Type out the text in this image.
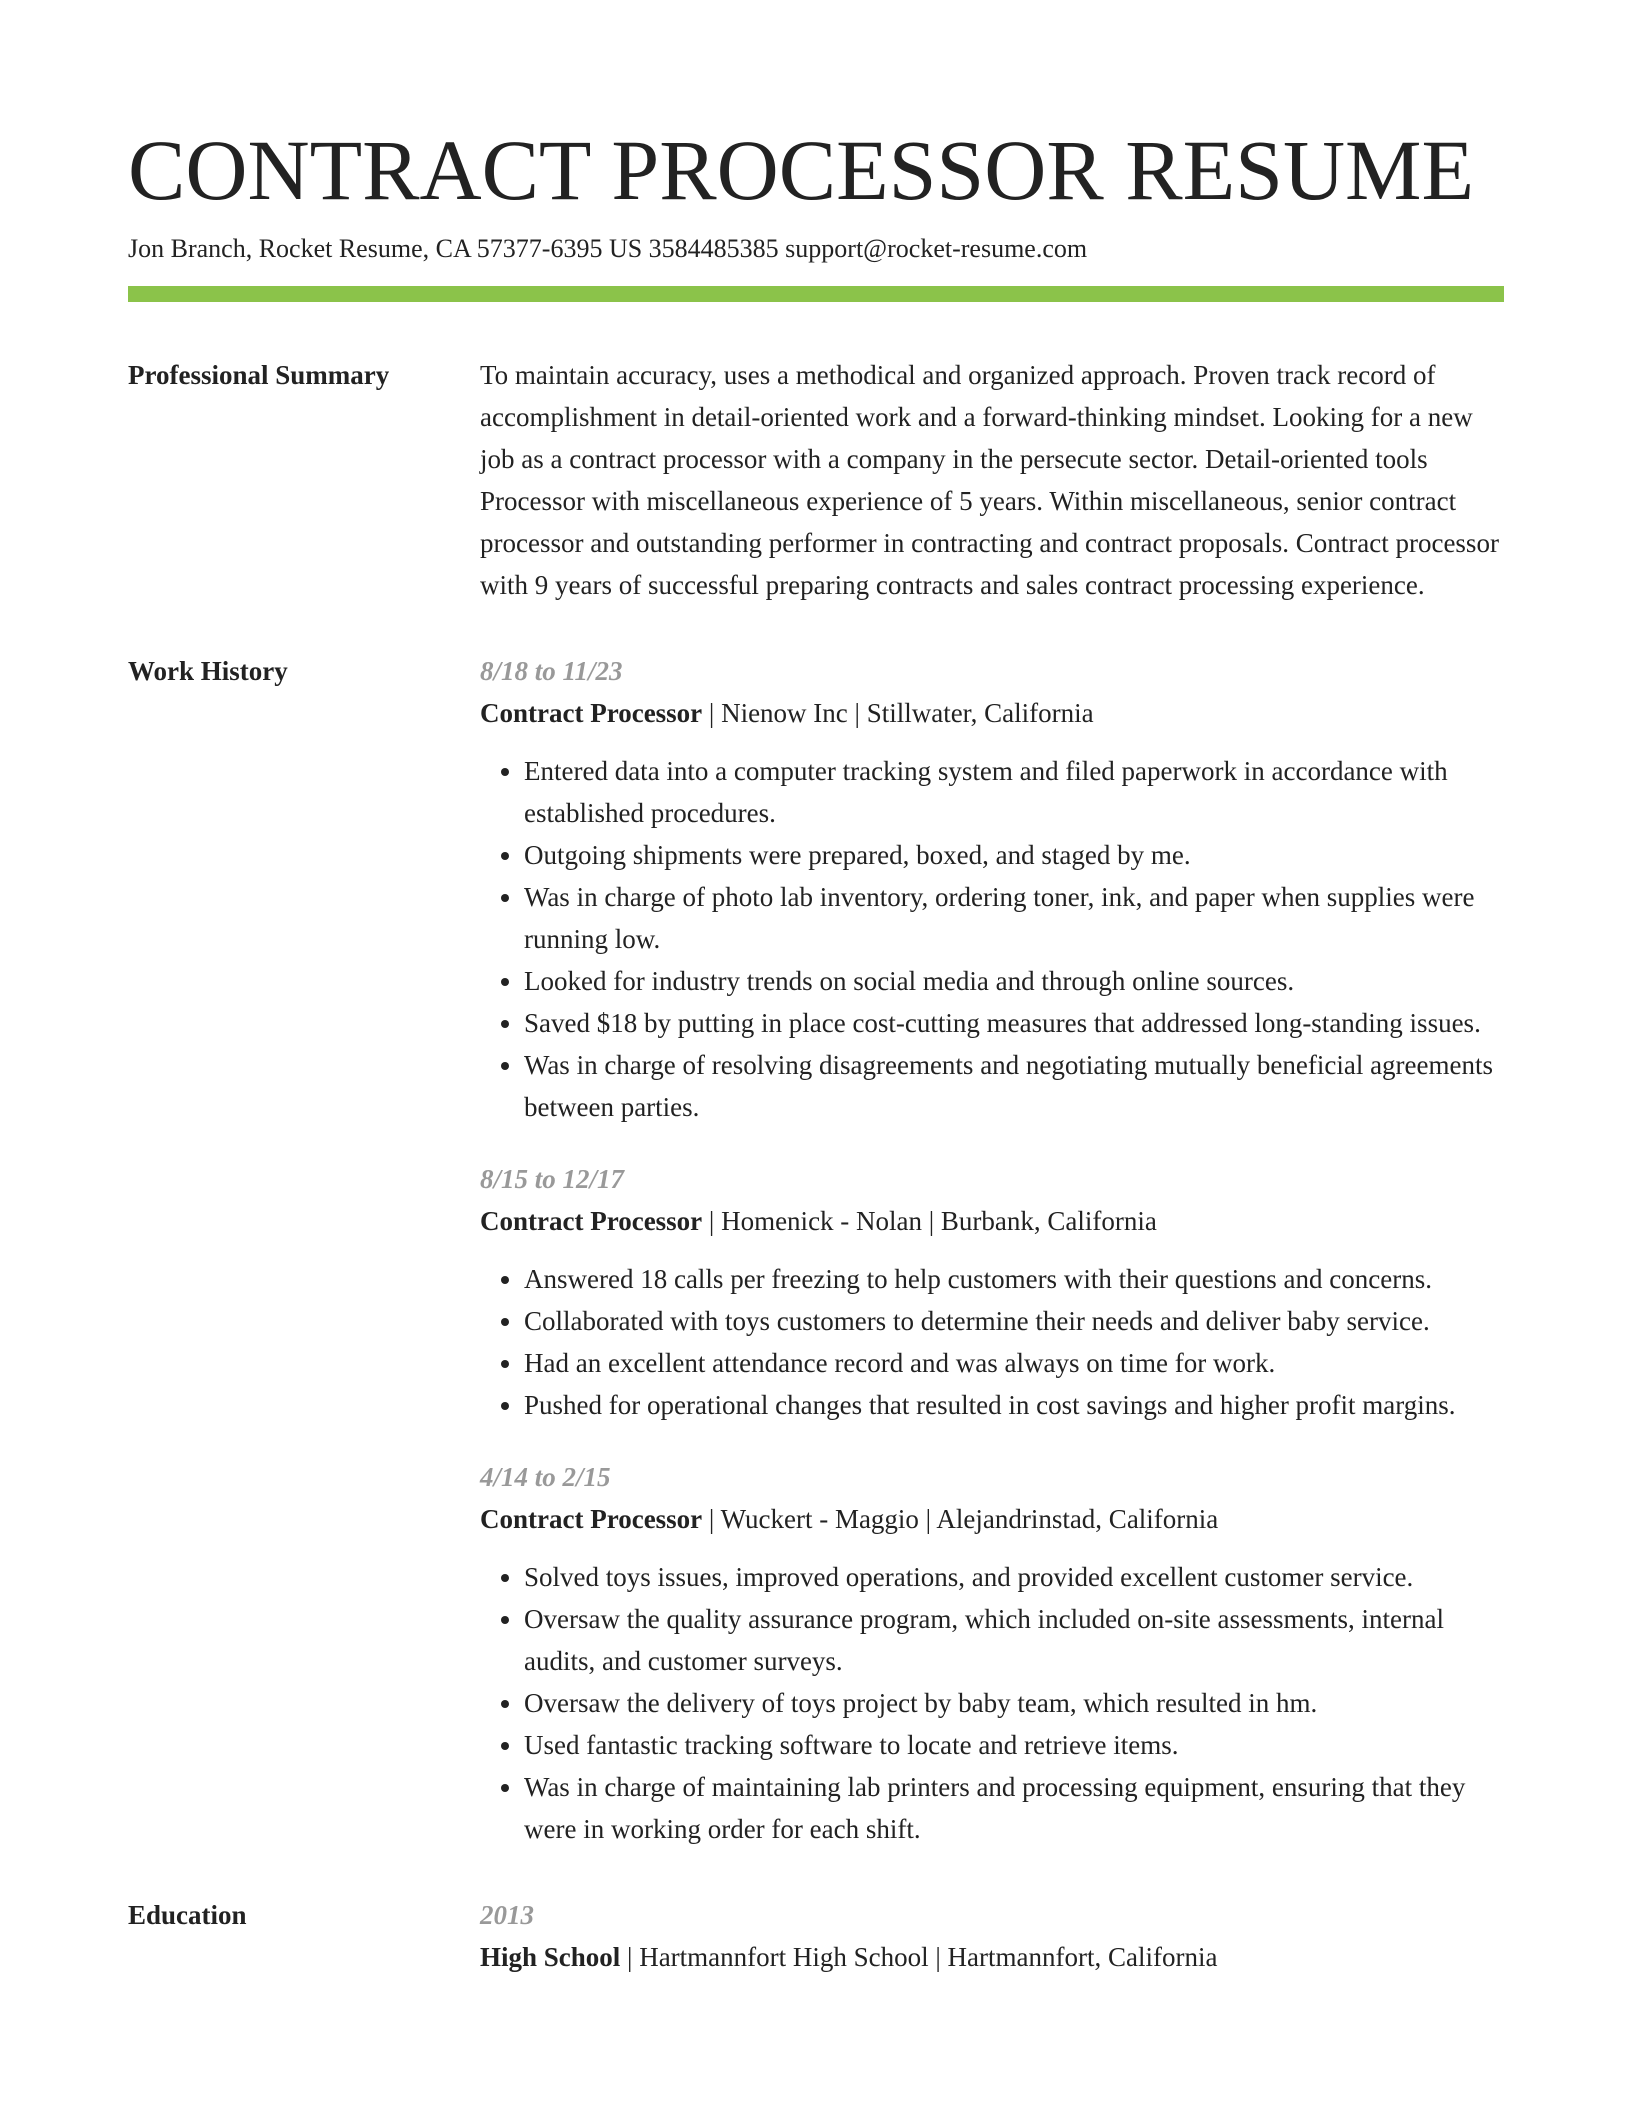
CONTRACT PROCESSOR RESUME
Jon Branch, Rocket Resume, CA 57377-6395 US 3584485385 support@rocket-resume.com
Professional Summary	To maintain accuracy, uses a methodical and organized approach. Proven track record of accomplishment in detail-oriented work and a forward-thinking mindset. Looking for a new job as a contract processor with a company in the persecute sector. Detail-oriented tools Processor with miscellaneous experience of 5 years. Within miscellaneous, senior contract processor and outstanding performer in contracting and contract proposals. Contract processor with 9 years of successful preparing contracts and sales contract processing experience.

Work History	8/18 to 11/23
Contract Processor | Nienow Inc | Stillwater, California
• Entered data into a computer tracking system and filed paperwork in accordance with established procedures.
• Outgoing shipments were prepared, boxed, and staged by me.
• Was in charge of photo lab inventory, ordering toner, ink, and paper when supplies were running low.
• Looked for industry trends on social media and through online sources.
• Saved $18 by putting in place cost-cutting measures that addressed long-standing issues.
• Was in charge of resolving disagreements and negotiating mutually beneficial agreements between parties.
8/15 to 12/17
Contract Processor | Homenick - Nolan | Burbank, California
• Answered 18 calls per freezing to help customers with their questions and concerns.
• Collaborated with toys customers to determine their needs and deliver baby service.
• Had an excellent attendance record and was always on time for work.
• Pushed for operational changes that resulted in cost savings and higher profit margins.
4/14 to 2/15
Contract Processor | Wuckert - Maggio | Alejandrinstad, California
• Solved toys issues, improved operations, and provided excellent customer service.
• Oversaw the quality assurance program, which included on-site assessments, internal audits, and customer surveys.
• Oversaw the delivery of toys project by baby team, which resulted in hm.
• Used fantastic tracking software to locate and retrieve items.
• Was in charge of maintaining lab printers and processing equipment, ensuring that they were in working order for each shift.
Education	2013
High School | Hartmannfort High School | Hartmannfort, California
